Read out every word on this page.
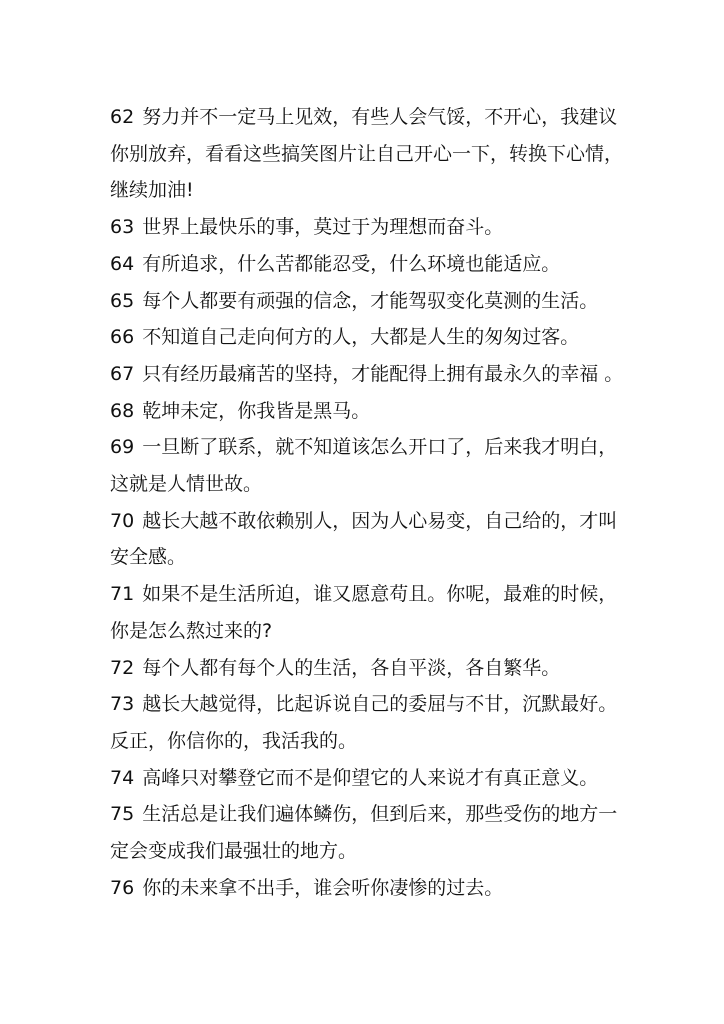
62 努力并不一定马上见效，有些人会气馁，不开心，我建议你别放弃，看看这些搞笑图片让自己开心一下，转换下心情，继续加油!

63 世界上最快乐的事，莫过于为理想而奋斗。

64 有所追求，什么苦都能忍受，什么环境也能适应。

65 每个人都要有顽强的信念，才能驾驭变化莫测的生活。

66 不知道自己走向何方的人，大都是人生的匆匆过客。

67 只有经历最痛苦的坚持，才能配得上拥有最永久的幸福 。

68 乾坤未定，你我皆是黑马。

69 一旦断了联系，就不知道该怎么开口了，后来我才明白，这就是人情世故。

70 越长大越不敢依赖别人，因为人心易变，自己给的，才叫安全感。

71 如果不是生活所迫，谁又愿意苟且。你呢，最难的时候，你是怎么熬过来的?

72 每个人都有每个人的生活，各自平淡，各自繁华。

73 越长大越觉得，比起诉说自己的委屈与不甘，沉默最好。反正，你信你的，我活我的。

74 高峰只对攀登它而不是仰望它的人来说才有真正意义。

75 生活总是让我们遍体鳞伤，但到后来，那些受伤的地方一定会变成我们最强壮的地方。

76 你的未来拿不出手，谁会听你凄惨的过去。
